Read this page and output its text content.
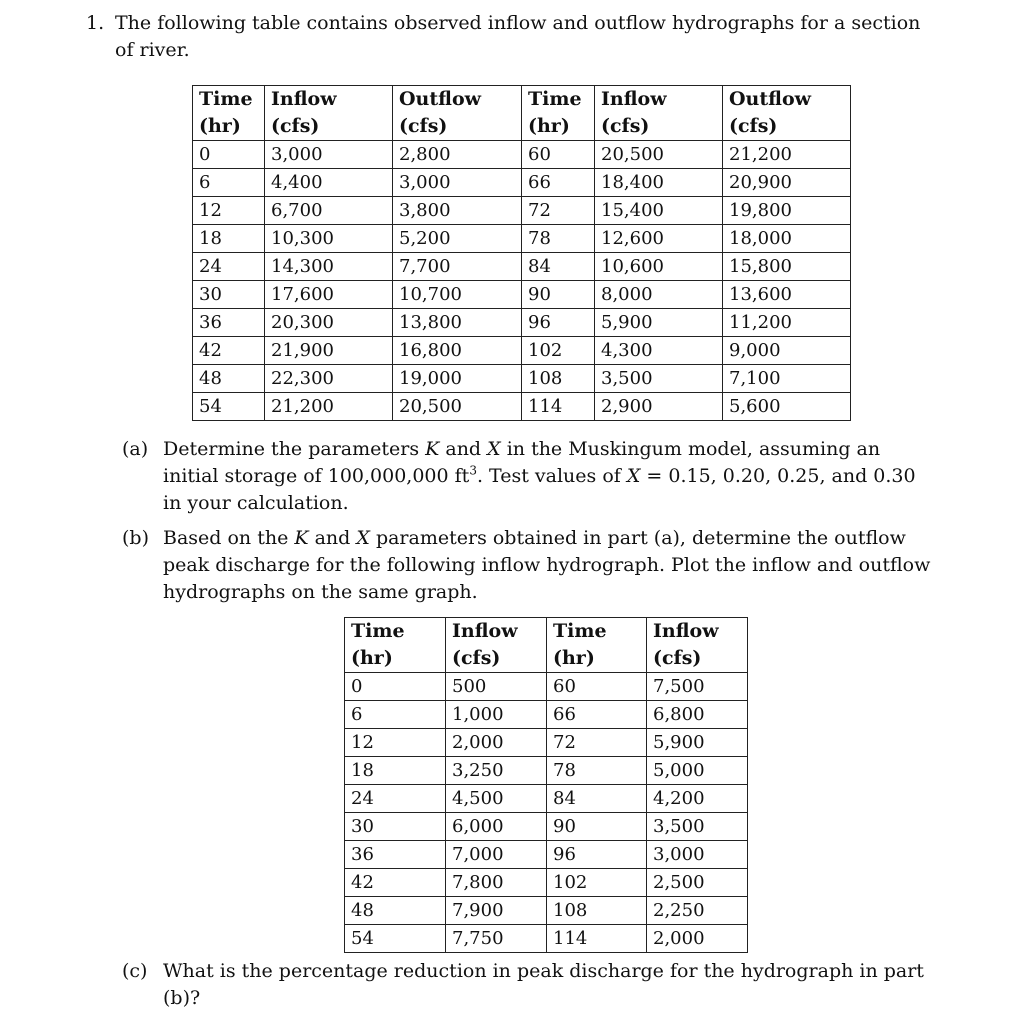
1. The following table contains observed inflow and outflow hydrographs for a section of river.
Time	Inflow	Outflow	Time	Inflow	Outflow
(hr)	(cfs)	(cfs)	(hr)	(cfs)	(cfs)
0	3,000	2,800	60	20,500	21,200
6	4,400	3,000	66	18,400	20,900
12	6,700	3,800	72	15,400	19,800
18	10,300	5,200	78	12,600	18,000
24	14,300	7,700	84	10,600	15,800
30	17,600	10,700	90	8,000	13,600
36	20,300	13,800	96	5,900	11,200
42	21,900	16,800	102	4,300	9,000
48	22,300	19,000	108	3,500	7,100
54	21,200	20,500	114	2,900	5,600
(a) Determine the parameters K and X in the Muskingum model, assuming an initial storage of 100,000,000 $ft^3$. Test values of X = 0.15, 0.20, 0.25, and 0.30 in your calculation.
(b) Based on the K and X parameters obtained in part (a), determine the outflow peak discharge for the following inflow hydrograph. Plot the inflow and outflow hydrographs on the same graph.
Time	Inflow	Time	Inflow
(hr)	(cfs)	(hr)	(cfs)
0	500	60	7,500
6	1,000	66	6,800
12	2,000	72	5,900
18	3,250	78	5,000
24	4,500	84	4,200
30	6,000	90	3,500
36	7,000	96	3,000
42	7,800	102	2,500
48	7,900	108	2,250
54	7,750	114	2,000
(c) What is the percentage reduction in peak discharge for the hydrograph in part (b)?
